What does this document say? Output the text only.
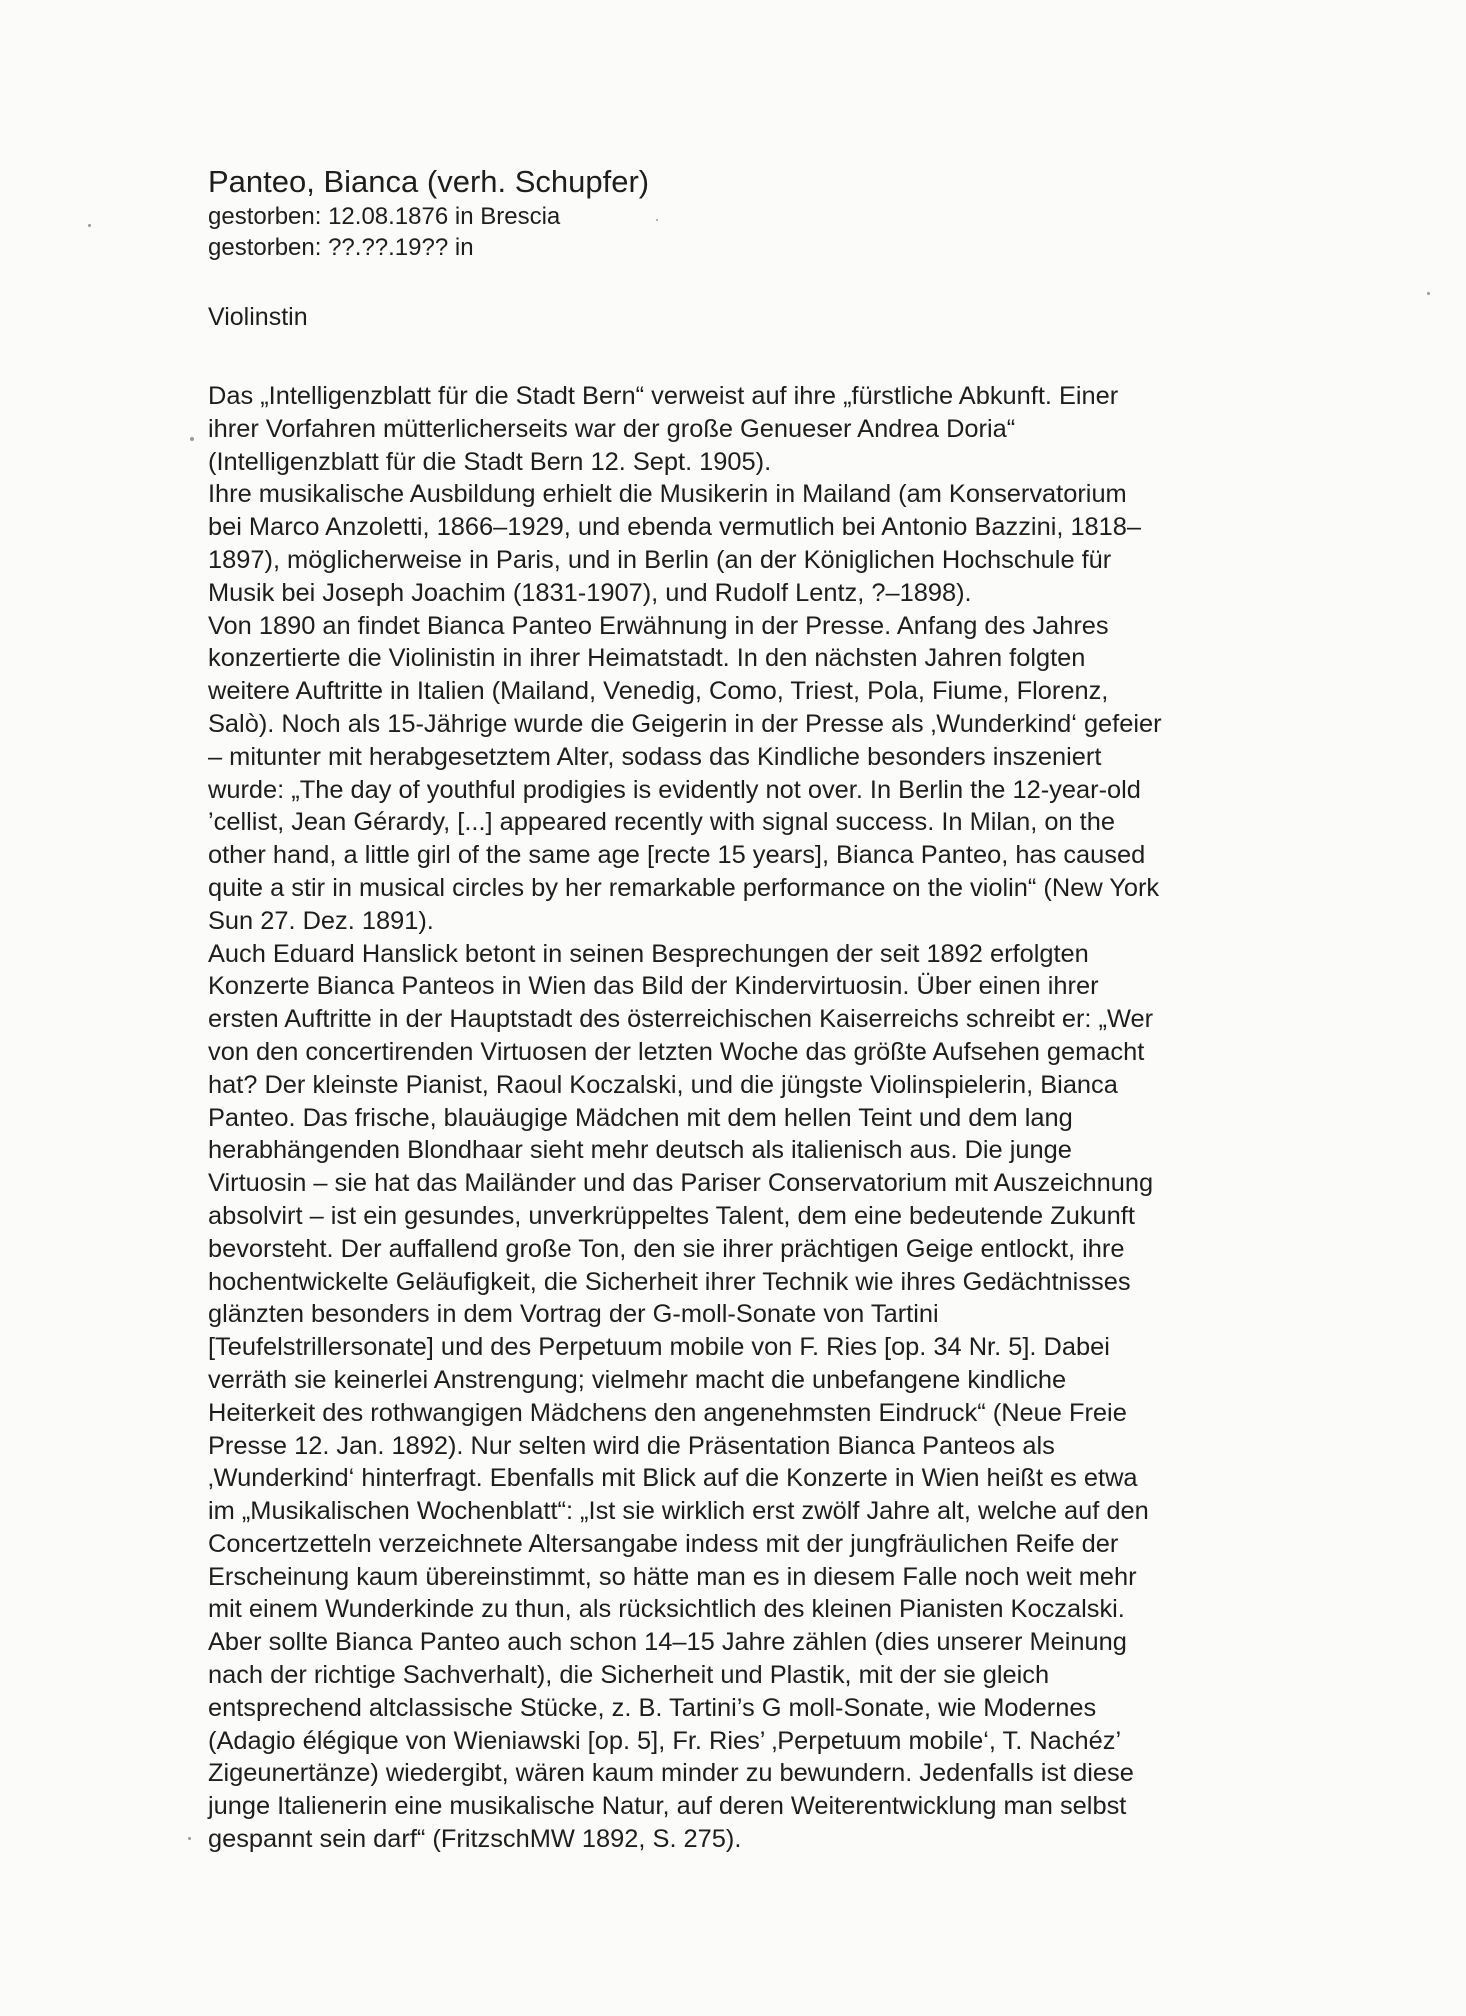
Panteo, Bianca (verh. Schupfer)

gestorben: 12.08.1876 in Brescia

gestorben: ??.??.19?? in

Violinstin

Das „Intelligenzblatt für die Stadt Bern“ verweist auf ihre „fürstliche Abkunft. Einer
ihrer Vorfahren mütterlicherseits war der große Genueser Andrea Doria“
(Intelligenzblatt für die Stadt Bern 12. Sept. 1905).
Ihre musikalische Ausbildung erhielt die Musikerin in Mailand (am Konservatorium
bei Marco Anzoletti, 1866–1929, und ebenda vermutlich bei Antonio Bazzini, 1818–
1897), möglicherweise in Paris, und in Berlin (an der Königlichen Hochschule für
Musik bei Joseph Joachim (1831-1907), und Rudolf Lentz, ?–1898).
Von 1890 an findet Bianca Panteo Erwähnung in der Presse. Anfang des Jahres
konzertierte die Violinistin in ihrer Heimatstadt. In den nächsten Jahren folgten
weitere Auftritte in Italien (Mailand, Venedig, Como, Triest, Pola, Fiume, Florenz,
Salò). Noch als 15-Jährige wurde die Geigerin in der Presse als ‚Wunderkind‘ gefeier
– mitunter mit herabgesetztem Alter, sodass das Kindliche besonders inszeniert
wurde: „The day of youthful prodigies is evidently not over. In Berlin the 12-year-old
’cellist, Jean Gérardy, [...] appeared recently with signal success. In Milan, on the
other hand, a little girl of the same age [recte 15 years], Bianca Panteo, has caused
quite a stir in musical circles by her remarkable performance on the violin“ (New York
Sun 27. Dez. 1891).
Auch Eduard Hanslick betont in seinen Besprechungen der seit 1892 erfolgten
Konzerte Bianca Panteos in Wien das Bild der Kindervirtuosin. Über einen ihrer
ersten Auftritte in der Hauptstadt des österreichischen Kaiserreichs schreibt er: „Wer
von den concertirenden Virtuosen der letzten Woche das größte Aufsehen gemacht
hat? Der kleinste Pianist, Raoul Koczalski, und die jüngste Violinspielerin, Bianca
Panteo. Das frische, blauäugige Mädchen mit dem hellen Teint und dem lang
herabhängenden Blondhaar sieht mehr deutsch als italienisch aus. Die junge
Virtuosin – sie hat das Mailänder und das Pariser Conservatorium mit Auszeichnung
absolvirt – ist ein gesundes, unverkrüppeltes Talent, dem eine bedeutende Zukunft
bevorsteht. Der auffallend große Ton, den sie ihrer prächtigen Geige entlockt, ihre
hochentwickelte Geläufigkeit, die Sicherheit ihrer Technik wie ihres Gedächtnisses
glänzten besonders in dem Vortrag der G-moll-Sonate von Tartini
[Teufelstrillersonate] und des Perpetuum mobile von F. Ries [op. 34 Nr. 5]. Dabei
verräth sie keinerlei Anstrengung; vielmehr macht die unbefangene kindliche
Heiterkeit des rothwangigen Mädchens den angenehmsten Eindruck“ (Neue Freie
Presse 12. Jan. 1892). Nur selten wird die Präsentation Bianca Panteos als
‚Wunderkind‘ hinterfragt. Ebenfalls mit Blick auf die Konzerte in Wien heißt es etwa
im „Musikalischen Wochenblatt“: „Ist sie wirklich erst zwölf Jahre alt, welche auf den
Concertzetteln verzeichnete Altersangabe indess mit der jungfräulichen Reife der
Erscheinung kaum übereinstimmt, so hätte man es in diesem Falle noch weit mehr
mit einem Wunderkinde zu thun, als rücksichtlich des kleinen Pianisten Koczalski.
Aber sollte Bianca Panteo auch schon 14–15 Jahre zählen (dies unserer Meinung
nach der richtige Sachverhalt), die Sicherheit und Plastik, mit der sie gleich
entsprechend altclassische Stücke, z. B. Tartini’s G moll-Sonate, wie Modernes
(Adagio élégique von Wieniawski [op. 5], Fr. Ries’ ‚Perpetuum mobile‘, T. Nachéz’
Zigeunertänze) wiedergibt, wären kaum minder zu bewundern. Jedenfalls ist diese
junge Italienerin eine musikalische Natur, auf deren Weiterentwicklung man selbst
gespannt sein darf“ (FritzschMW 1892, S. 275).
